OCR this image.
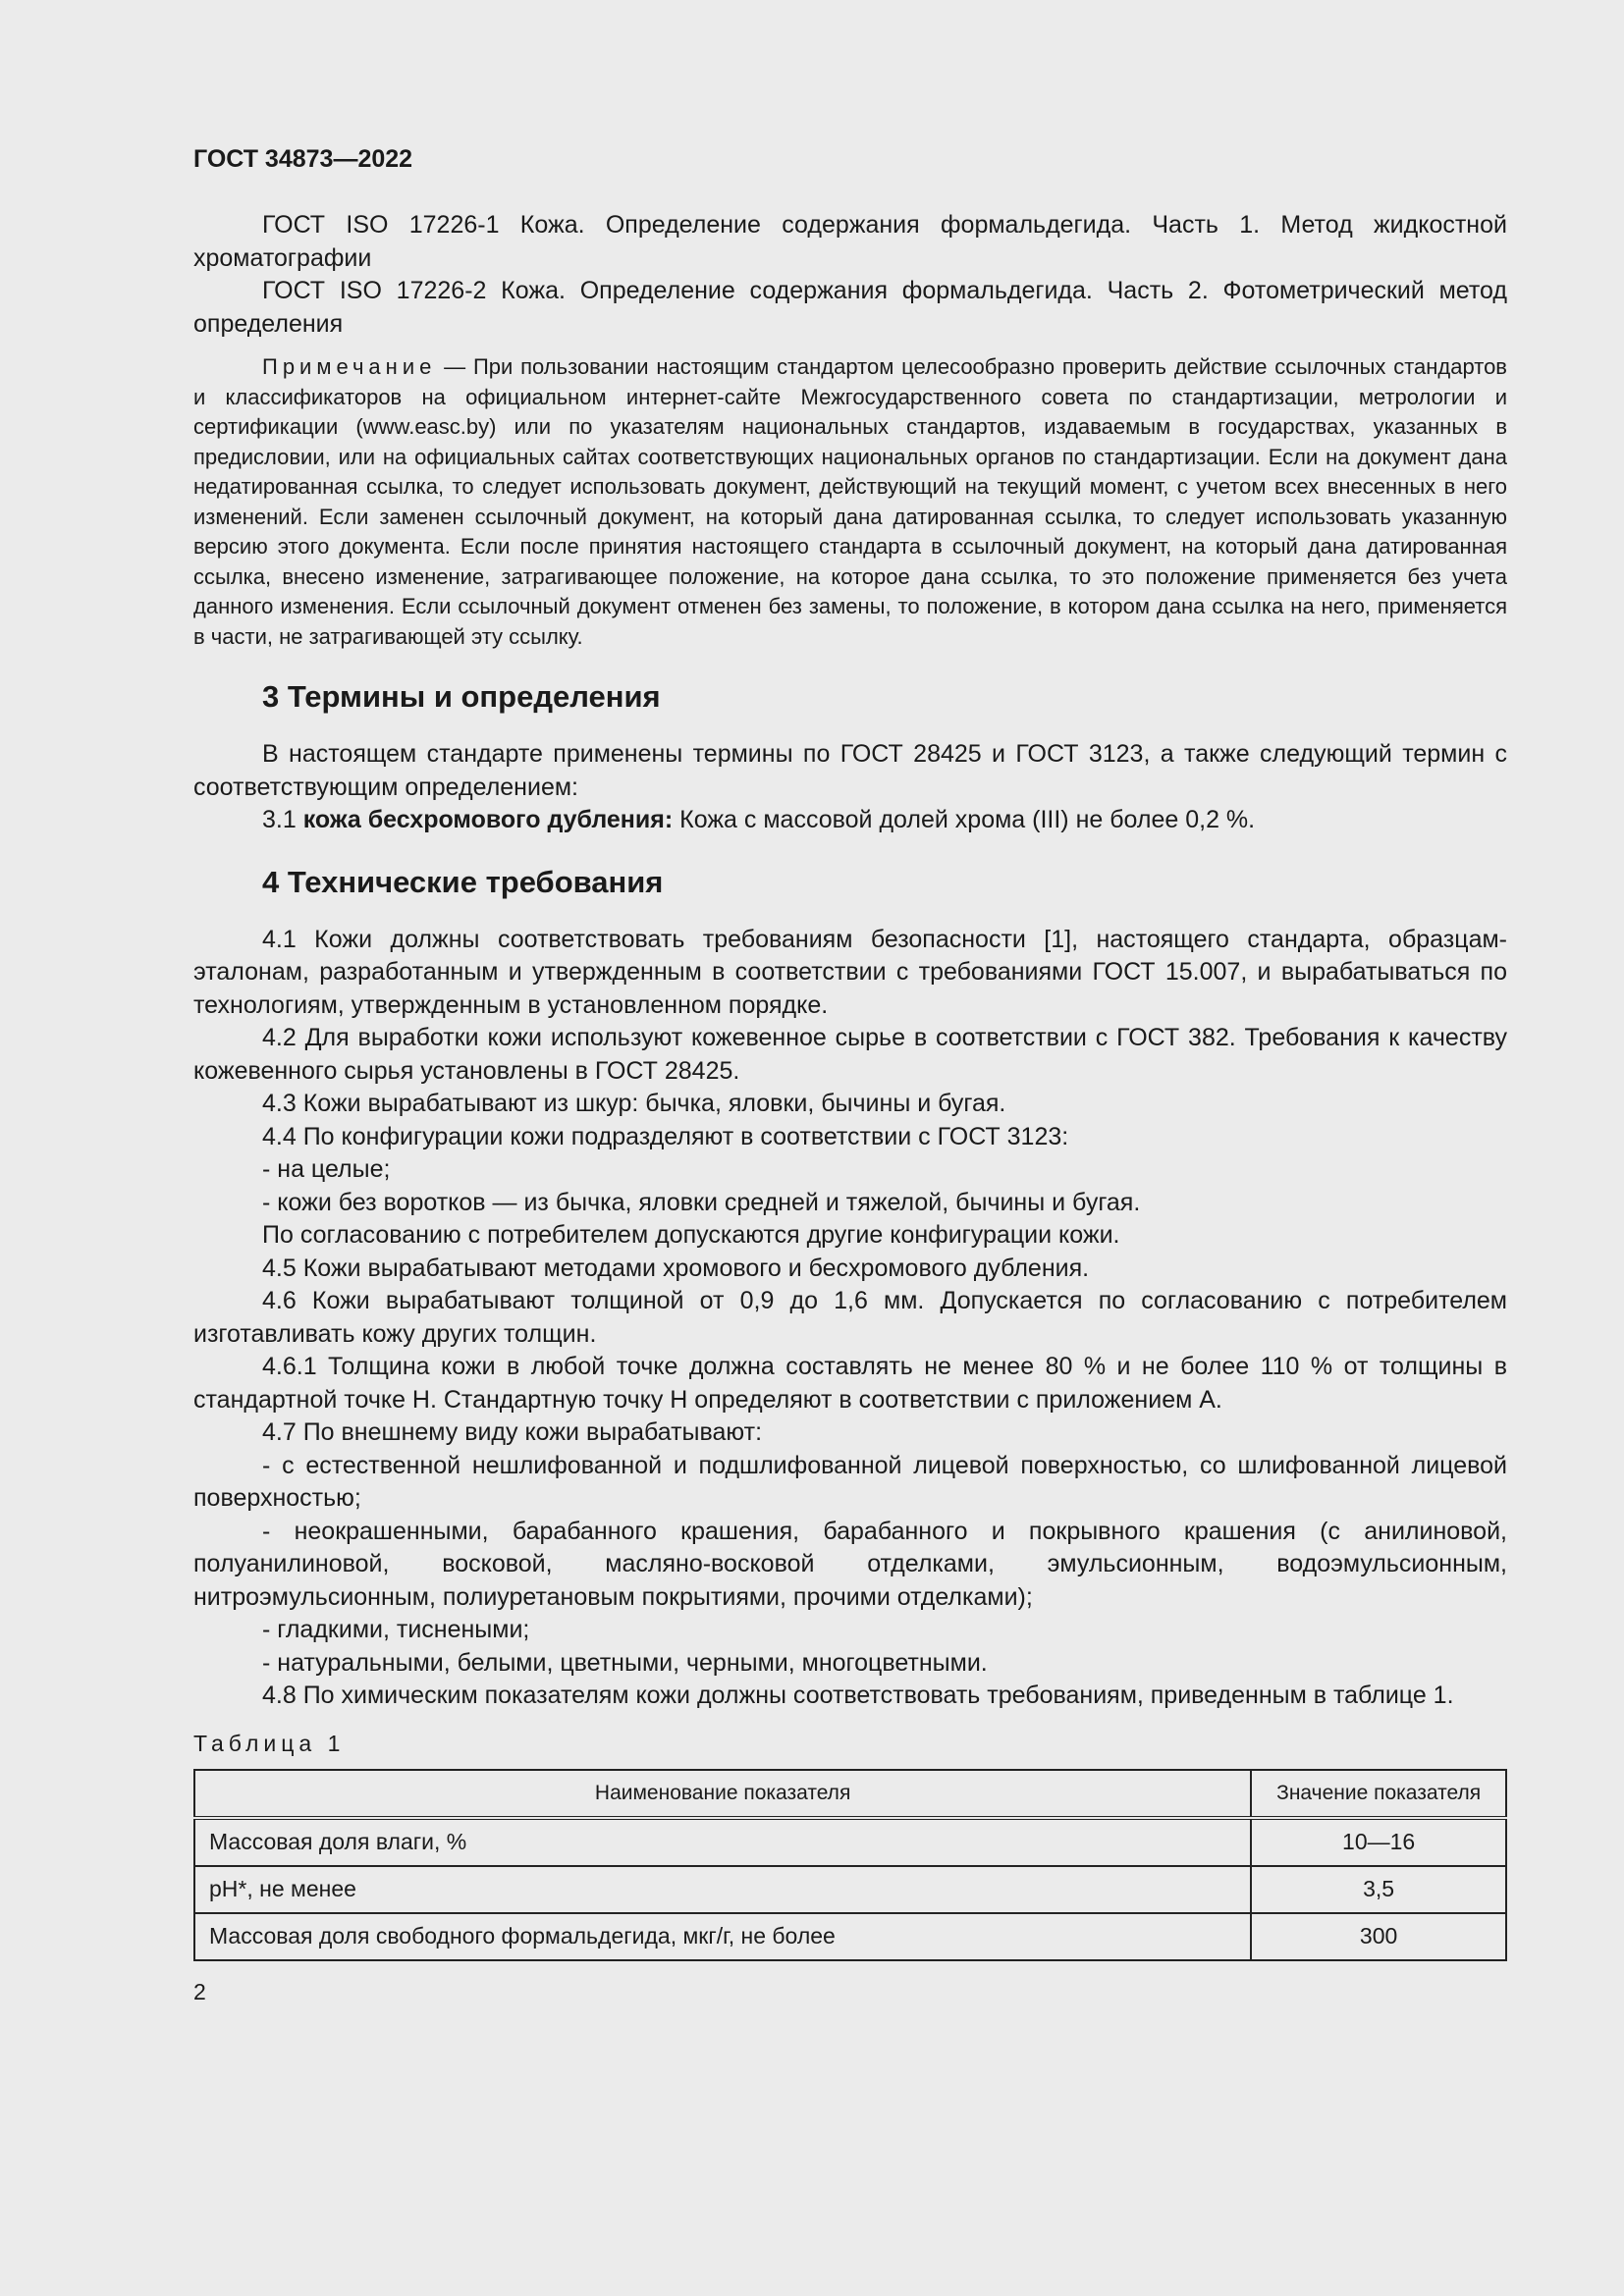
ГОСТ 34873—2022

ГОСТ ISO 17226-1 Кожа. Определение содержания формальдегида. Часть 1. Метод жидкостной хроматографии

ГОСТ ISO 17226-2 Кожа. Определение содержания формальдегида. Часть 2. Фотометрический метод определения

Примечание — При пользовании настоящим стандартом целесообразно проверить действие ссылочных стандартов и классификаторов на официальном интернет-сайте Межгосударственного совета по стандартизации, метрологии и сертификации (www.easc.by) или по указателям национальных стандартов, издаваемым в государствах, указанных в предисловии, или на официальных сайтах соответствующих национальных органов по стандартизации. Если на документ дана недатированная ссылка, то следует использовать документ, действующий на текущий момент, с учетом всех внесенных в него изменений. Если заменен ссылочный документ, на который дана датированная ссылка, то следует использовать указанную версию этого документа. Если после принятия настоящего стандарта в ссылочный документ, на который дана датированная ссылка, внесено изменение, затрагивающее положение, на которое дана ссылка, то это положение применяется без учета данного изменения. Если ссылочный документ отменен без замены, то положение, в котором дана ссылка на него, применяется в части, не затрагивающей эту ссылку.

3 Термины и определения

В настоящем стандарте применены термины по ГОСТ 28425 и ГОСТ 3123, а также следующий термин с соответствующим определением:

3.1 кожа бесхромового дубления: Кожа с массовой долей хрома (III) не более 0,2 %.

4 Технические требования

4.1 Кожи должны соответствовать требованиям безопасности [1], настоящего стандарта, образцам-эталонам, разработанным и утвержденным в соответствии с требованиями ГОСТ 15.007, и вырабатываться по технологиям, утвержденным в установленном порядке.

4.2 Для выработки кожи используют кожевенное сырье в соответствии с ГОСТ 382. Требования к качеству кожевенного сырья установлены в ГОСТ 28425.

4.3 Кожи вырабатывают из шкур: бычка, яловки, бычины и бугая.

4.4 По конфигурации кожи подразделяют в соответствии с ГОСТ 3123:

- на целые;

- кожи без воротков — из бычка, яловки средней и тяжелой, бычины и бугая.

По согласованию с потребителем допускаются другие конфигурации кожи.

4.5 Кожи вырабатывают методами хромового и бесхромового дубления.

4.6 Кожи вырабатывают толщиной от 0,9 до 1,6 мм. Допускается по согласованию с потребителем изготавливать кожу других толщин.

4.6.1 Толщина кожи в любой точке должна составлять не менее 80 % и не более 110 % от толщины в стандартной точке Н. Стандартную точку Н определяют в соответствии с приложением А.

4.7 По внешнему виду кожи вырабатывают:

- с естественной нешлифованной и подшлифованной лицевой поверхностью, со шлифованной лицевой поверхностью;

- неокрашенными, барабанного крашения, барабанного и покрывного крашения (с анилиновой, полуанилиновой, восковой, масляно-восковой отделками, эмульсионным, водоэмульсионным, нитроэмульсионным, полиуретановым покрытиями, прочими отделками);

- гладкими, тиснеными;

- натуральными, белыми, цветными, черными, многоцветными.

4.8 По химическим показателям кожи должны соответствовать требованиям, приведенным в таблице 1.

Таблица 1
Наименование показателя	Значение показателя
Массовая доля влаги, %	10—16
pH*, не менее	3,5
Массовая доля свободного формальдегида, мкг/г, не более	300
2
